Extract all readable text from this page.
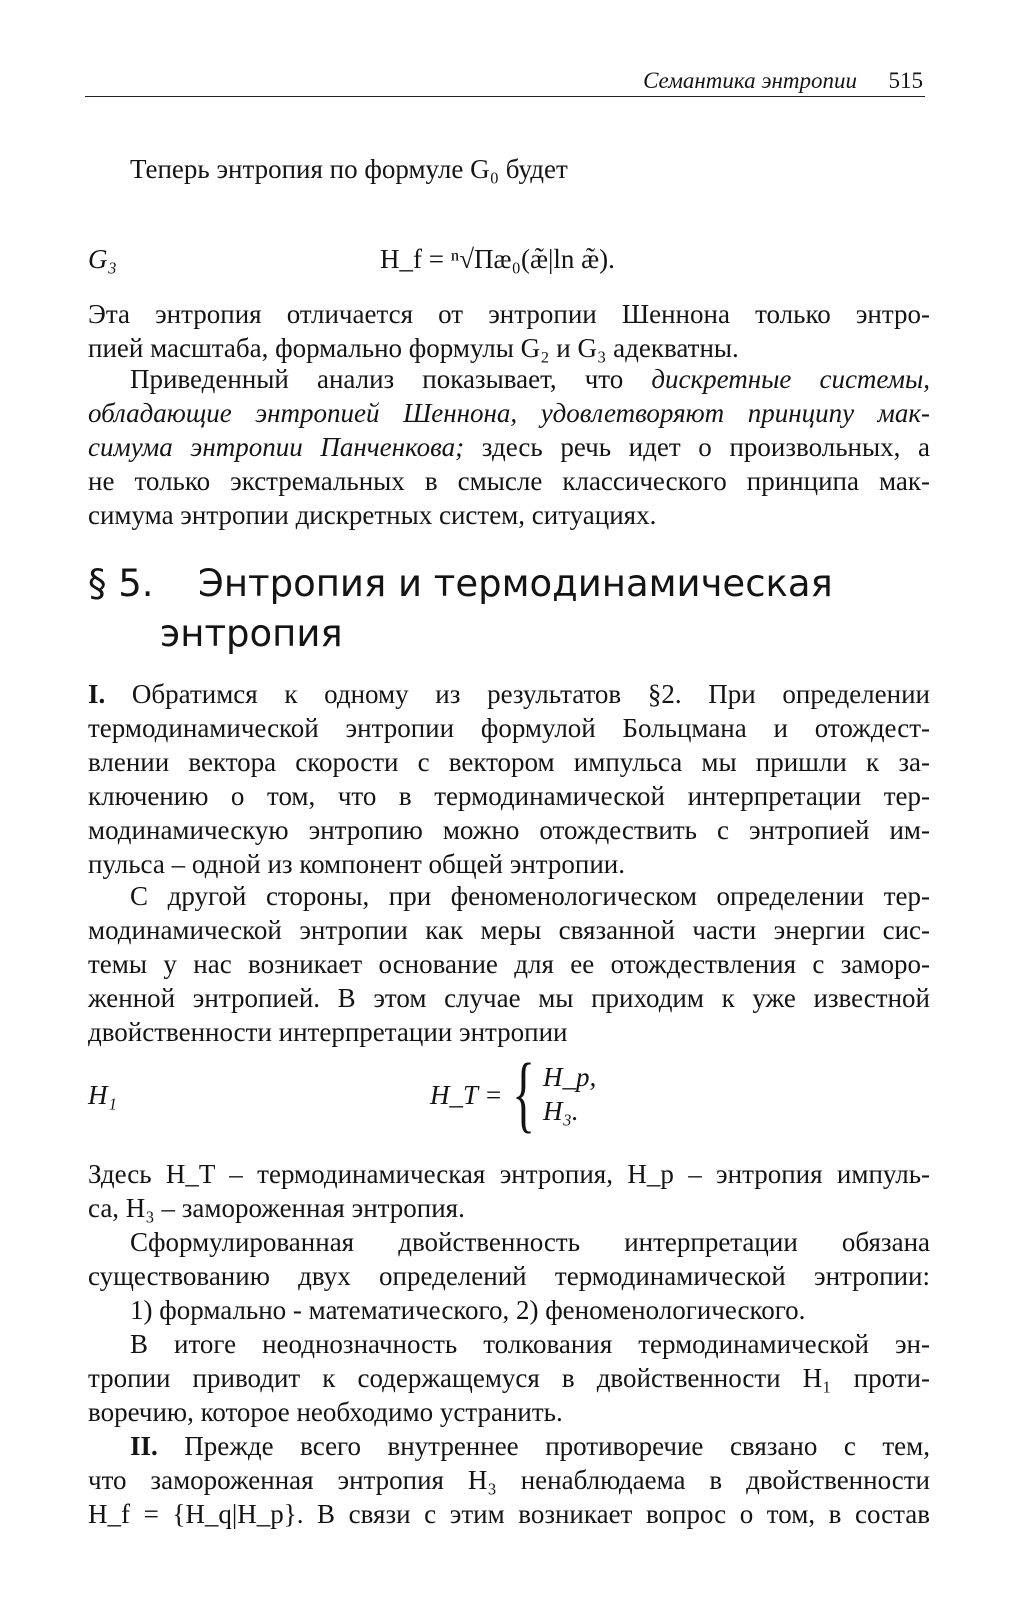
Семантика энтропии 515
Теперь энтропия по формуле G₀ будет
G₃	H_f = ⁿ√Πæ₀(æ̃|ln æ̃).
Эта энтропия отличается от энтропии Шеннона только энтро-
пией масштаба, формально формулы G₂ и G₃ адекватны.
Приведенный анализ показывает, что дискретные системы,
обладающие энтропией Шеннона, удовлетворяют принципу мак-
симума энтропии Панченкова; здесь речь идет о произвольных, а
не только экстремальных в смысле классического принципа мак-
симума энтропии дискретных систем, ситуациях.
§ 5. Энтропия и термодинамическая
энтропия
I. Обратимся к одному из результатов §2. При определении
термодинамической энтропии формулой Больцмана и отождест-
влении вектора скорости с вектором импульса мы пришли к за-
ключению о том, что в термодинамической интерпретации тер-
модинамическую энтропию можно отождествить с энтропией им-
пульса – одной из компонент общей энтропии.
С другой стороны, при феноменологическом определении тер-
модинамической энтропии как меры связанной части энергии сис-
темы у нас возникает основание для ее отождествления с заморо-
женной энтропией. В этом случае мы приходим к уже известной
двойственности интерпретации энтропии
H₁	H_T = { H_p,
H₃.
Здесь H_T – термодинамическая энтропия, H_p – энтропия импуль-
са, H₃ – замороженная энтропия.
Сформулированная двойственность интерпретации обязана
существованию двух определений термодинамической энтропии:
1) формально - математического, 2) феноменологического.
В итоге неоднозначность толкования термодинамической эн-
тропии приводит к содержащемуся в двойственности H₁ проти-
воречию, которое необходимо устранить.
II. Прежде всего внутреннее противоречие связано с тем,
что замороженная энтропия H₃ ненаблюдаема в двойственности
H_f = {H_q|H_p}. В связи с этим возникает вопрос о том, в состав
